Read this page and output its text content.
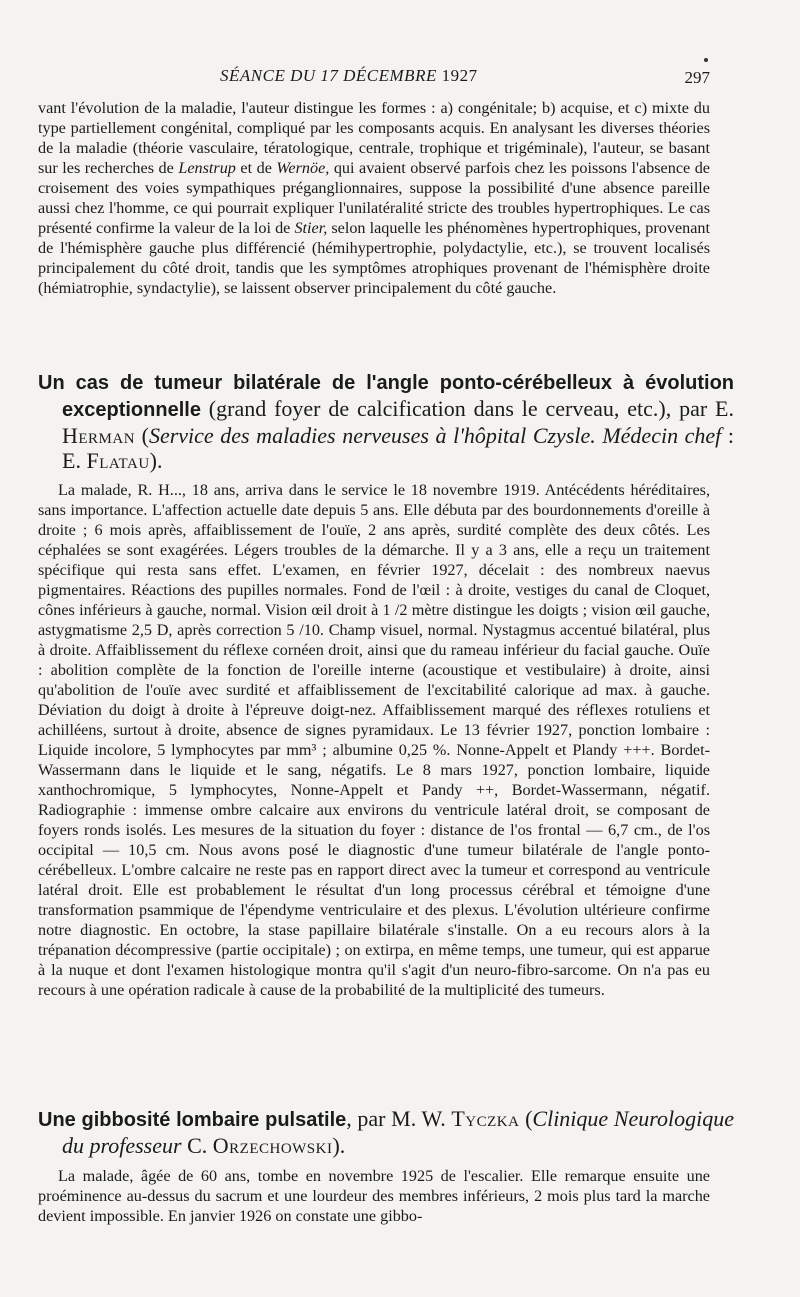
SÉANCE DU 17 DÉCEMBRE 1927	297
vant l'évolution de la maladie, l'auteur distingue les formes : a) congénitale; b) acquise, et c) mixte du type partiellement congénital, compliqué par les composants acquis. En analysant les diverses théories de la maladie (théorie vasculaire, tératologique, centrale, trophique et trigéminale), l'auteur, se basant sur les recherches de Lenstrup et de Wernöe, qui avaient observé parfois chez les poissons l'absence de croisement des voies sympathiques préganglionnaires, suppose la possibilité d'une absence pareille aussi chez l'homme, ce qui pourrait expliquer l'unilatéralité stricte des troubles hypertrophiques. Le cas présenté confirme la valeur de la loi de Stier, selon laquelle les phénomènes hypertrophiques, provenant de l'hémisphère gauche plus différencié (hémihypertrophie, polydactylie, etc.), se trouvent localisés principalement du côté droit, tandis que les symptômes atrophiques provenant de l'hémisphère droite (hémiatrophie, syndactylie), se laissent observer principalement du côté gauche.
Un cas de tumeur bilatérale de l'angle ponto-cérébelleux à évolution exceptionnelle (grand foyer de calcification dans le cerveau, etc.), par E. Herman (Service des maladies nerveuses à l'hôpital Czysle. Médecin chef : E. Flatau).
La malade, R. H..., 18 ans, arriva dans le service le 18 novembre 1919. Antécédents héréditaires, sans importance. L'affection actuelle date depuis 5 ans. Elle débuta par des bourdonnements d'oreille à droite ; 6 mois après, affaiblissement de l'ouïe, 2 ans après, surdité complète des deux côtés. Les céphalées se sont exagérées. Légers troubles de la démarche. Il y a 3 ans, elle a reçu un traitement spécifique qui resta sans effet. L'examen, en février 1927, décelait : des nombreux naevus pigmentaires. Réactions des pupilles normales. Fond de l'œil : à droite, vestiges du canal de Cloquet, cônes inférieurs à gauche, normal. Vision œil droit à 1 /2 mètre distingue les doigts ; vision œil gauche, astygmatisme 2,5 D, après correction 5 /10. Champ visuel, normal. Nystagmus accentué bilatéral, plus à droite. Affaiblissement du réflexe cornéen droit, ainsi que du rameau inférieur du facial gauche. Ouïe : abolition complète de la fonction de l'oreille interne (acoustique et vestibulaire) à droite, ainsi qu'abolition de l'ouïe avec surdité et affaiblissement de l'excitabilité calorique ad max. à gauche. Déviation du doigt à droite à l'épreuve doigt-nez. Affaiblissement marqué des réflexes rotuliens et achilléens, surtout à droite, absence de signes pyramidaux. Le 13 février 1927, ponction lombaire : Liquide incolore, 5 lymphocytes par mm³ ; albumine 0,25 %. Nonne-Appelt et Plandy +++. Bordet-Wassermann dans le liquide et le sang, négatifs. Le 8 mars 1927, ponction lombaire, liquide xanthochromique, 5 lymphocytes, Nonne-Appelt et Pandy ++, Bordet-Wassermann, négatif. Radiographie : immense ombre calcaire aux environs du ventricule latéral droit, se composant de foyers ronds isolés. Les mesures de la situation du foyer : distance de l'os frontal — 6,7 cm., de l'os occipital — 10,5 cm. Nous avons posé le diagnostic d'une tumeur bilatérale de l'angle ponto-cérébelleux. L'ombre calcaire ne reste pas en rapport direct avec la tumeur et correspond au ventricule latéral droit. Elle est probablement le résultat d'un long processus cérébral et témoigne d'une transformation psammique de l'épendyme ventriculaire et des plexus. L'évolution ultérieure confirme notre diagnostic. En octobre, la stase papillaire bilatérale s'installe. On a eu recours alors à la trépanation décompressive (partie occipitale) ; on extirpa, en même temps, une tumeur, qui est apparue à la nuque et dont l'examen histologique montra qu'il s'agit d'un neuro-fibro-sarcome. On n'a pas eu recours à une opération radicale à cause de la probabilité de la multiplicité des tumeurs.
Une gibbosité lombaire pulsatile, par M. W. Tyczka (Clinique Neurologique du professeur C. Orzechowski).
La malade, âgée de 60 ans, tombe en novembre 1925 de l'escalier. Elle remarque ensuite une proéminence au-dessus du sacrum et une lourdeur des membres inférieurs, 2 mois plus tard la marche devient impossible. En janvier 1926 on constate une gibbo-
